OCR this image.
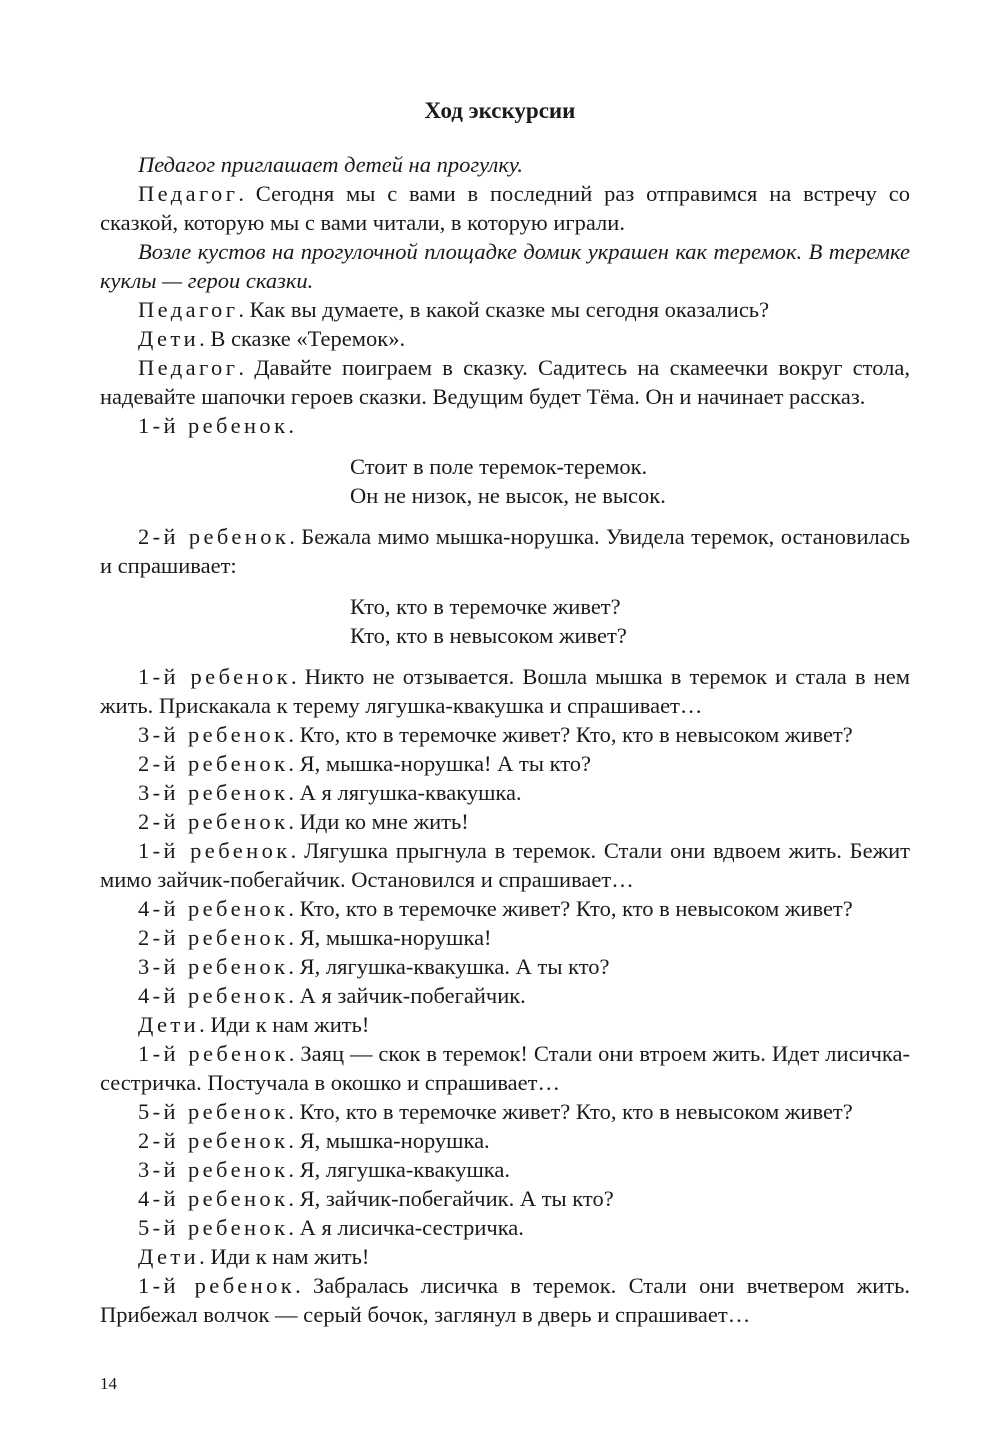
Ход экскурсии

Педагог приглашает детей на прогулку.

Педагог. Сегодня мы с вами в последний раз отправимся на встречу со сказкой, которую мы с вами читали, в которую играли.

Возле кустов на прогулочной площадке домик украшен как теремок. В теремке куклы — герои сказки.

Педагог. Как вы думаете, в какой сказке мы сегодня оказались?

Дети. В сказке «Теремок».

Педагог. Давайте поиграем в сказку. Садитесь на скамеечки вокруг стола, надевайте шапочки героев сказки. Ведущим будет Тёма. Он и начинает рассказ.

1-й ребенок.

Стоит в поле теремок-теремок.
Он не низок, не высок, не высок.

2-й ребенок. Бежала мимо мышка-норушка. Увидела теремок, остановилась и спрашивает:

Кто, кто в теремочке живет?
Кто, кто в невысоком живет?

1-й ребенок. Никто не отзывается. Вошла мышка в теремок и стала в нем жить. Прискакала к терему лягушка-квакушка и спрашивает…

3-й ребенок. Кто, кто в теремочке живет? Кто, кто в невысоком живет?

2-й ребенок. Я, мышка-норушка! А ты кто?

3-й ребенок. А я лягушка-квакушка.

2-й ребенок. Иди ко мне жить!

1-й ребенок. Лягушка прыгнула в теремок. Стали они вдвоем жить. Бежит мимо зайчик-побегайчик. Остановился и спрашивает…

4-й ребенок. Кто, кто в теремочке живет? Кто, кто в невысоком живет?

2-й ребенок. Я, мышка-норушка!

3-й ребенок. Я, лягушка-квакушка. А ты кто?

4-й ребенок. А я зайчик-побегайчик.

Дети. Иди к нам жить!

1-й ребенок. Заяц — скок в теремок! Стали они втроем жить. Идет лисичка-сестричка. Постучала в окошко и спрашивает…

5-й ребенок. Кто, кто в теремочке живет? Кто, кто в невысоком живет?

2-й ребенок. Я, мышка-норушка.

3-й ребенок. Я, лягушка-квакушка.

4-й ребенок. Я, зайчик-побегайчик. А ты кто?

5-й ребенок. А я лисичка-сестричка.

Дети. Иди к нам жить!

1-й ребенок. Забралась лисичка в теремок. Стали они вчетвером жить. Прибежал волчок — серый бочок, заглянул в дверь и спрашивает…

14
